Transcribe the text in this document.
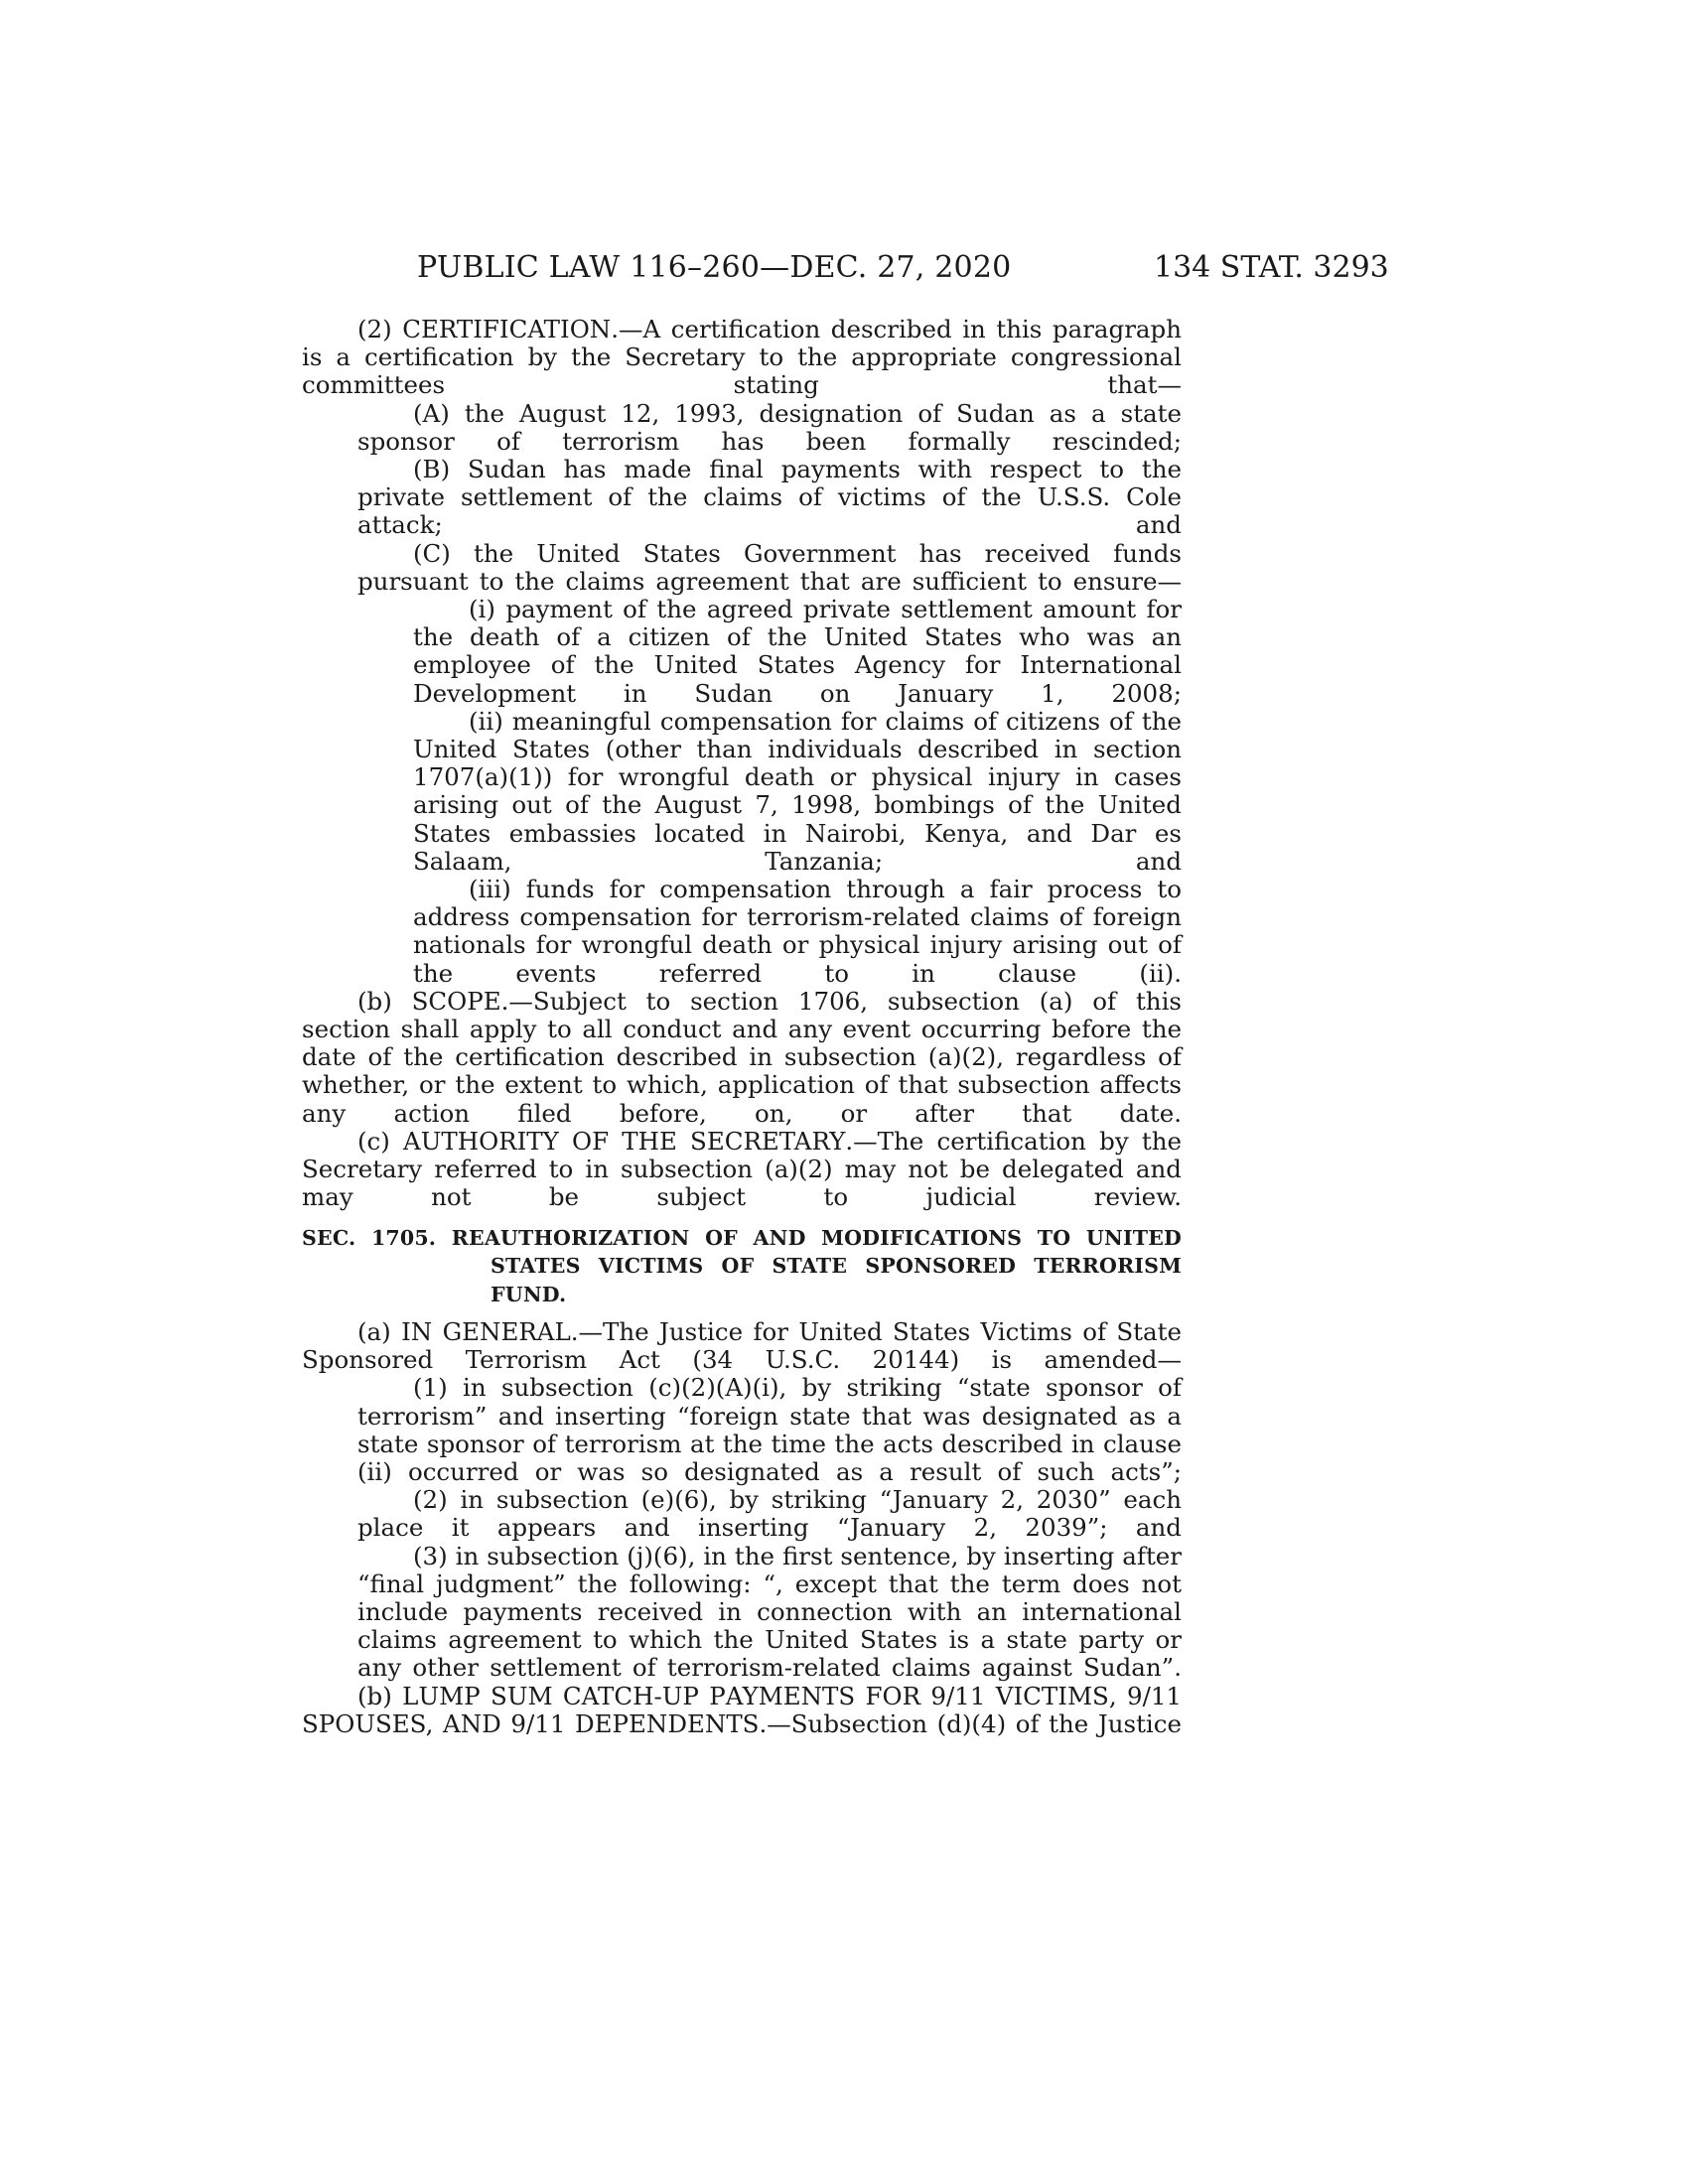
PUBLIC LAW 116–260—DEC. 27, 2020	134 STAT. 3293

(2) CERTIFICATION.—A certification described in this paragraph is a certification by the Secretary to the appropriate congressional committees stating that—

(A) the August 12, 1993, designation of Sudan as a state sponsor of terrorism has been formally rescinded;

(B) Sudan has made final payments with respect to the private settlement of the claims of victims of the U.S.S. Cole attack; and

(C) the United States Government has received funds pursuant to the claims agreement that are sufficient to ensure—

(i) payment of the agreed private settlement amount for the death of a citizen of the United States who was an employee of the United States Agency for International Development in Sudan on January 1, 2008;

(ii) meaningful compensation for claims of citizens of the United States (other than individuals described in section 1707(a)(1)) for wrongful death or physical injury in cases arising out of the August 7, 1998, bombings of the United States embassies located in Nairobi, Kenya, and Dar es Salaam, Tanzania; and

(iii) funds for compensation through a fair process to address compensation for terrorism-related claims of foreign nationals for wrongful death or physical injury arising out of the events referred to in clause (ii).

(b) SCOPE.—Subject to section 1706, subsection (a) of this section shall apply to all conduct and any event occurring before the date of the certification described in subsection (a)(2), regardless of whether, or the extent to which, application of that subsection affects any action filed before, on, or after that date.

(c) AUTHORITY OF THE SECRETARY.—The certification by the Secretary referred to in subsection (a)(2) may not be delegated and may not be subject to judicial review.

SEC. 1705. REAUTHORIZATION OF AND MODIFICATIONS TO UNITED STATES VICTIMS OF STATE SPONSORED TERRORISM FUND.

(a) IN GENERAL.—The Justice for United States Victims of State Sponsored Terrorism Act (34 U.S.C. 20144) is amended—

(1) in subsection (c)(2)(A)(i), by striking “state sponsor of terrorism” and inserting “foreign state that was designated as a state sponsor of terrorism at the time the acts described in clause (ii) occurred or was so designated as a result of such acts”;

(2) in subsection (e)(6), by striking “January 2, 2030” each place it appears and inserting “January 2, 2039”; and

(3) in subsection (j)(6), in the first sentence, by inserting after “final judgment” the following: “, except that the term does not include payments received in connection with an international claims agreement to which the United States is a state party or any other settlement of terrorism-related claims against Sudan”.

(b) LUMP SUM CATCH-UP PAYMENTS FOR 9/11 VICTIMS, 9/11 SPOUSES, AND 9/11 DEPENDENTS.—Subsection (d)(4) of the Justice
